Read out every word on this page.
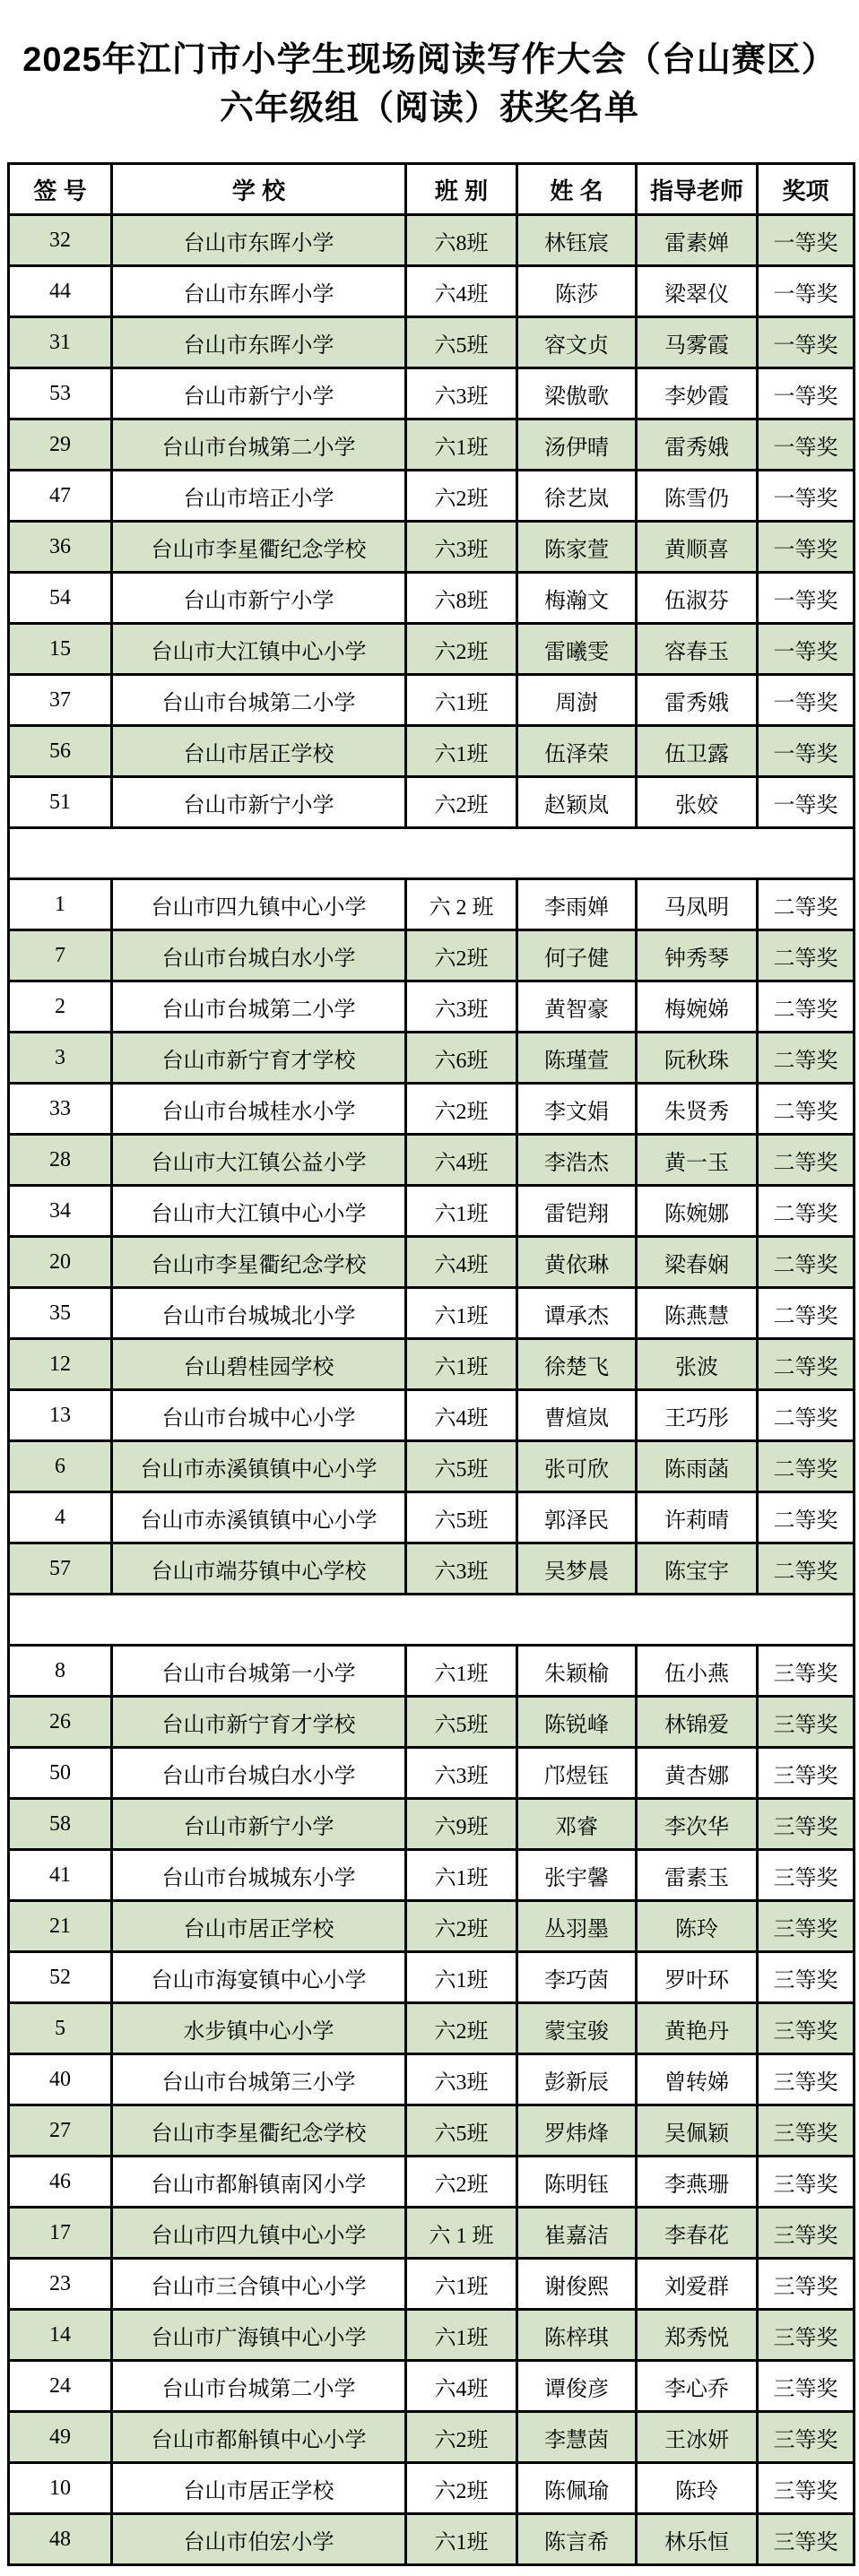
2025年江门市小学生现场阅读写作大会（台山赛区）
六年级组（阅读）获奖名单
签 号	学 校	班 别	姓 名	指导老师	奖项
32	台山市东晖小学	六8班	林钰宸	雷素婵	一等奖
44	台山市东晖小学	六4班	陈莎	梁翠仪	一等奖
31	台山市东晖小学	六5班	容文贞	马雾霞	一等奖
53	台山市新宁小学	六3班	梁傲歌	李妙霞	一等奖
29	台山市台城第二小学	六1班	汤伊晴	雷秀娥	一等奖
47	台山市培正小学	六2班	徐艺岚	陈雪仍	一等奖
36	台山市李星衢纪念学校	六3班	陈家萱	黄顺喜	一等奖
54	台山市新宁小学	六8班	梅瀚文	伍淑芬	一等奖
15	台山市大江镇中心小学	六2班	雷曦雯	容春玉	一等奖
37	台山市台城第二小学	六1班	周澍	雷秀娥	一等奖
56	台山市居正学校	六1班	伍泽荣	伍卫露	一等奖
51	台山市新宁小学	六2班	赵颖岚	张姣	一等奖

1	台山市四九镇中心小学	六 2 班	李雨婵	马凤明	二等奖
7	台山市台城白水小学	六2班	何子健	钟秀琴	二等奖
2	台山市台城第二小学	六3班	黄智豪	梅婉娣	二等奖
3	台山市新宁育才学校	六6班	陈瑾萱	阮秋珠	二等奖
33	台山市台城桂水小学	六2班	李文娟	朱贤秀	二等奖
28	台山市大江镇公益小学	六4班	李浩杰	黄一玉	二等奖
34	台山市大江镇中心小学	六1班	雷铠翔	陈婉娜	二等奖
20	台山市李星衢纪念学校	六4班	黄依琳	梁春娴	二等奖
35	台山市台城城北小学	六1班	谭承杰	陈燕慧	二等奖
12	台山碧桂园学校	六1班	徐楚飞	张波	二等奖
13	台山市台城中心小学	六4班	曹煊岚	王巧彤	二等奖
6	台山市赤溪镇镇中心小学	六5班	张可欣	陈雨菡	二等奖
4	台山市赤溪镇镇中心小学	六5班	郭泽民	许莉晴	二等奖
57	台山市端芬镇中心学校	六3班	吴梦晨	陈宝宇	二等奖

8	台山市台城第一小学	六1班	朱颖榆	伍小燕	三等奖
26	台山市新宁育才学校	六5班	陈锐峰	林锦爱	三等奖
50	台山市台城白水小学	六3班	邝煜钰	黄杏娜	三等奖
58	台山市新宁小学	六9班	邓睿	李次华	三等奖
41	台山市台城城东小学	六1班	张宇馨	雷素玉	三等奖
21	台山市居正学校	六2班	丛羽墨	陈玲	三等奖
52	台山市海宴镇中心小学	六1班	李巧茵	罗叶环	三等奖
5	水步镇中心小学	六2班	蒙宝骏	黄艳丹	三等奖
40	台山市台城第三小学	六3班	彭新辰	曾转娣	三等奖
27	台山市李星衢纪念学校	六5班	罗炜烽	吴佩颖	三等奖
46	台山市都斛镇南冈小学	六2班	陈明钰	李燕珊	三等奖
17	台山市四九镇中心小学	六 1 班	崔嘉洁	李春花	三等奖
23	台山市三合镇中心小学	六1班	谢俊熙	刘爱群	三等奖
14	台山市广海镇中心小学	六1班	陈梓琪	郑秀悦	三等奖
24	台山市台城第二小学	六4班	谭俊彦	李心乔	三等奖
49	台山市都斛镇中心小学	六2班	李慧茵	王冰妍	三等奖
10	台山市居正学校	六2班	陈佩瑜	陈玲	三等奖
48	台山市伯宏小学	六1班	陈言希	林乐恒	三等奖
